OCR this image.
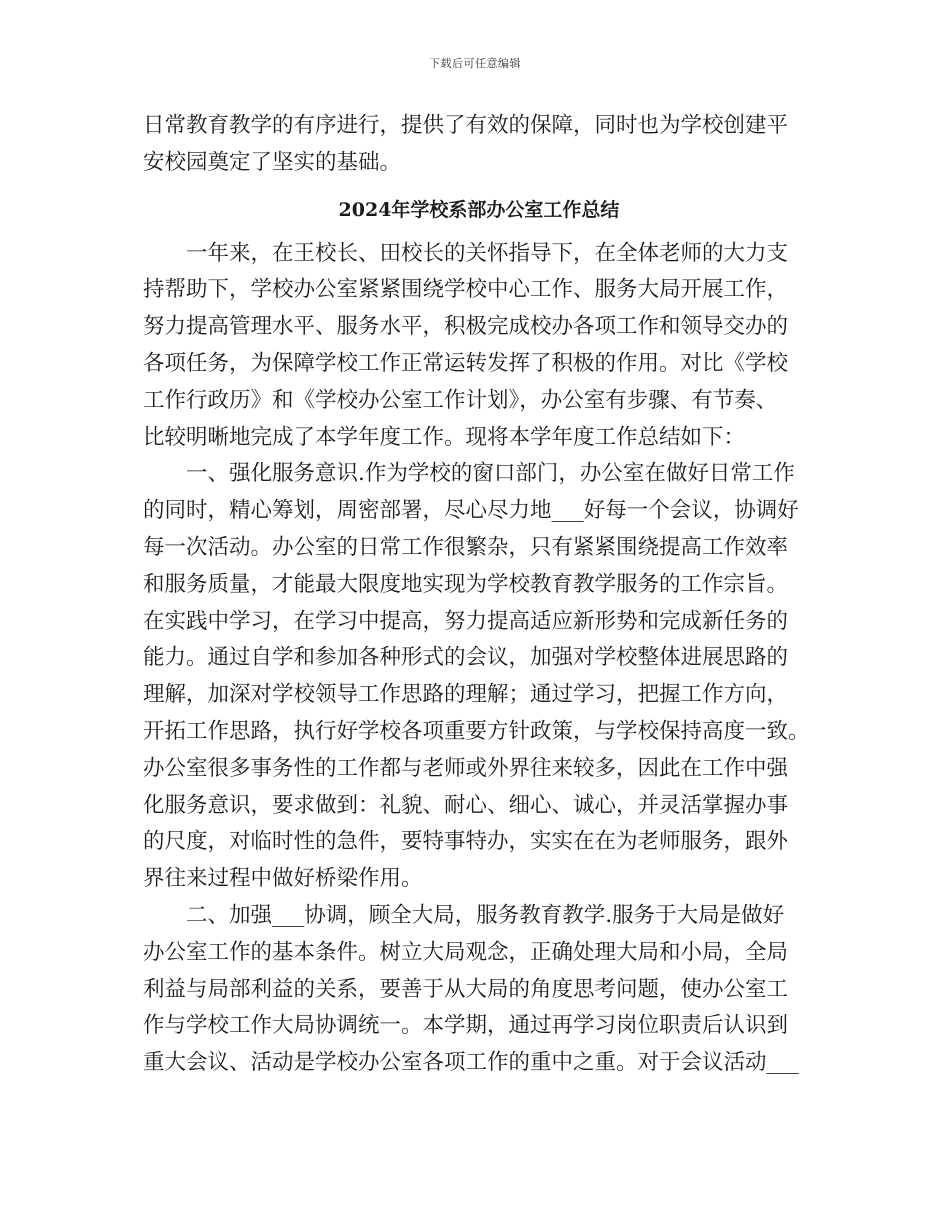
下载后可任意编辑
日常教育教学的有序进行，提供了有效的保障，同时也为学校创建平
安校园奠定了坚实的基础。
2024年学校系部办公室工作总结
一年来，在王校长、田校长的关怀指导下，在全体老师的大力支
持帮助下，学校办公室紧紧围绕学校中心工作、服务大局开展工作，
努力提高管理水平、服务水平，积极完成校办各项工作和领导交办的
各项任务，为保障学校工作正常运转发挥了积极的作用。对比《学校
工作行政历》和《学校办公室工作计划》，办公室有步骤、有节奏、
比较明晰地完成了本学年度工作。现将本学年度工作总结如下：
一、强化服务意识.作为学校的窗口部门，办公室在做好日常工作
的同时，精心筹划，周密部署，尽心尽力地___好每一个会议，协调好
每一次活动。办公室的日常工作很繁杂，只有紧紧围绕提高工作效率
和服务质量，才能最大限度地实现为学校教育教学服务的工作宗旨。
在实践中学习，在学习中提高，努力提高适应新形势和完成新任务的
能力。通过自学和参加各种形式的会议，加强对学校整体进展思路的
理解，加深对学校领导工作思路的理解；通过学习，把握工作方向，
开拓工作思路，执行好学校各项重要方针政策，与学校保持高度一致。
办公室很多事务性的工作都与老师或外界往来较多，因此在工作中强
化服务意识，要求做到：礼貌、耐心、细心、诚心，并灵活掌握办事
的尺度，对临时性的急件，要特事特办，实实在在为老师服务，跟外
界往来过程中做好桥梁作用。
二、加强___协调，顾全大局，服务教育教学.服务于大局是做好
办公室工作的基本条件。树立大局观念，正确处理大局和小局，全局
利益与局部利益的关系，要善于从大局的角度思考问题，使办公室工
作与学校工作大局协调统一。本学期，通过再学习岗位职责后认识到
重大会议、活动是学校办公室各项工作的重中之重。对于会议活动___
